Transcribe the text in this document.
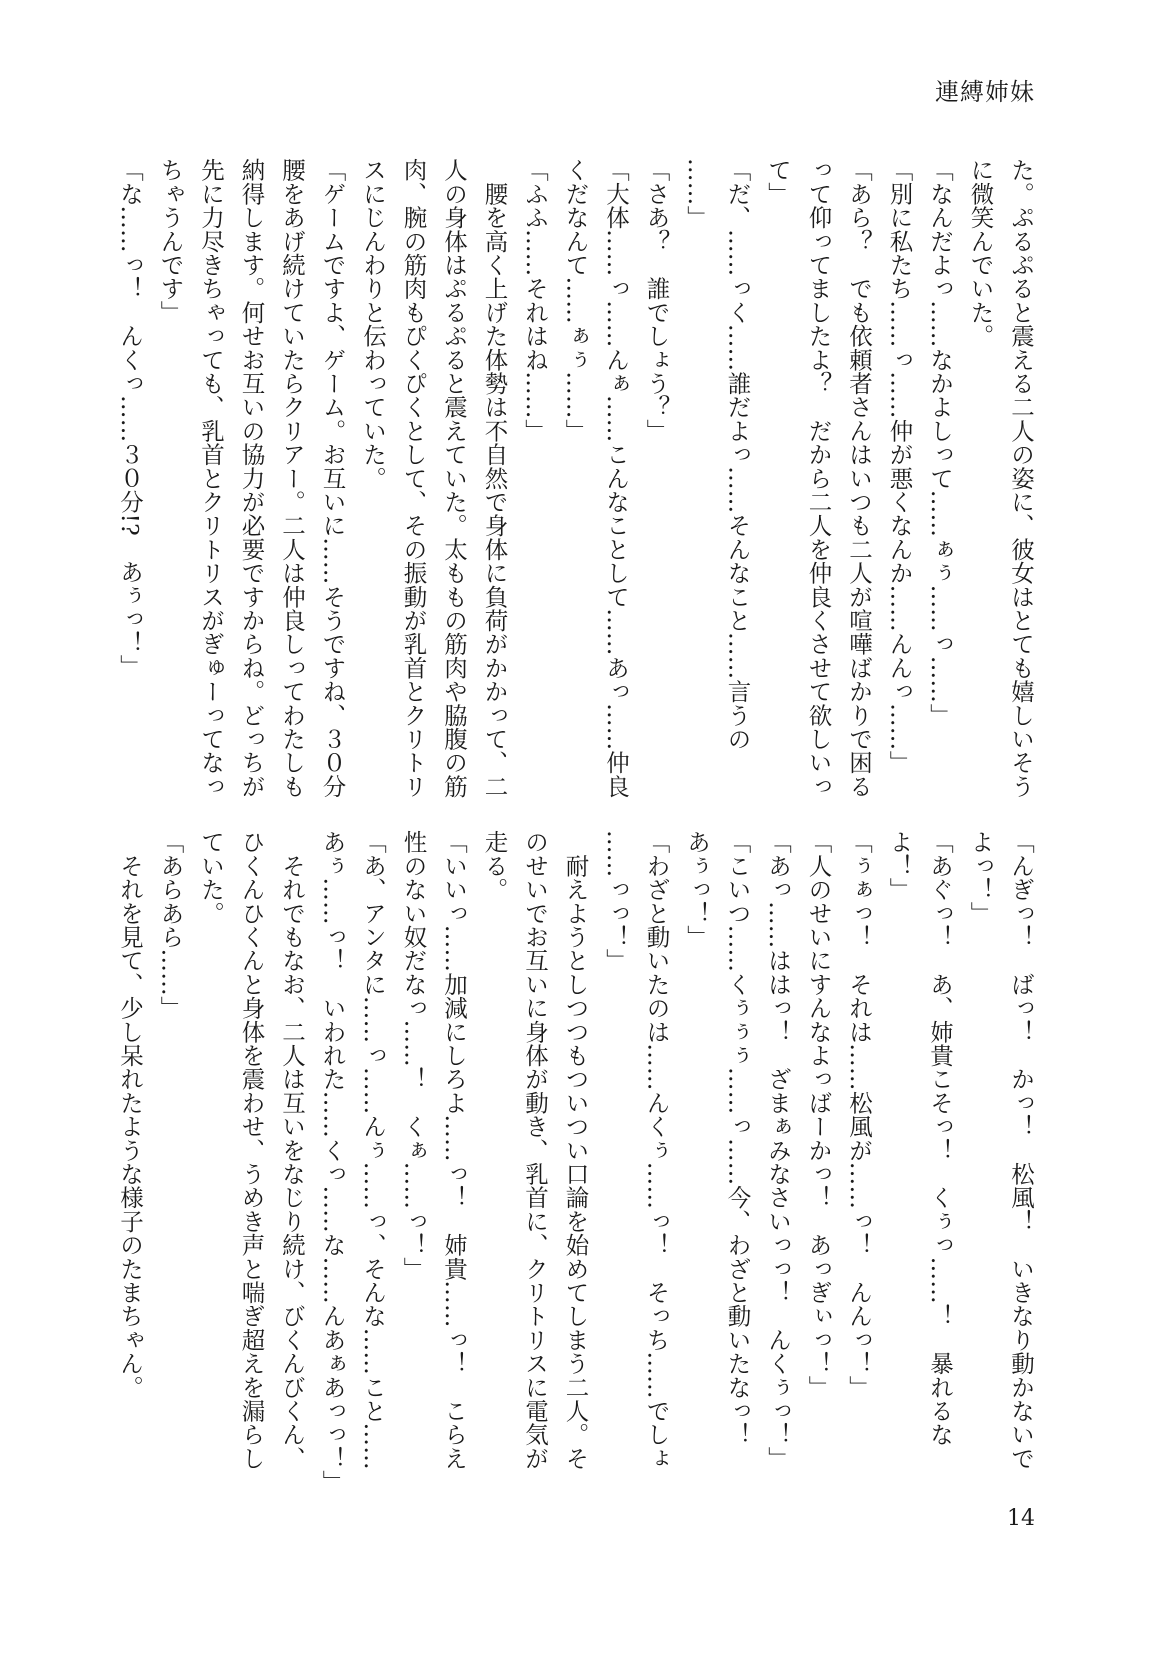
連縛姉妹
た。ぷるぷると震える二人の姿に、彼女はとても嬉しいそう
に微笑んでいた。
「なんだよっ……なかよしって……ぁぅ……っ……」
「別に私たち……っ……仲が悪くなんか……んんっ……」
「あら？　でも依頼者さんはいつも二人が喧嘩ばかりで困る
って仰ってましたよ？　だから二人を仲良くさせて欲しいっ
て」
「だ、……っく……誰だよっ……そんなこと……言うの
……」
「さあ？　誰でしょう？」
「大体……っ……んぁ……こんなことして……あっ……仲良
くだなんて……ぁぅ……」
「ふふ……それはね……」
　腰を高く上げた体勢は不自然で身体に負荷がかかって、二
人の身体はぷるぷると震えていた。太ももの筋肉や脇腹の筋
肉、腕の筋肉もぴくぴくとして、その振動が乳首とクリトリ
スにじんわりと伝わっていた。
「ゲームですよ、ゲーム。お互いに……そうですね、３０分
腰をあげ続けていたらクリアー。二人は仲良しってわたしも
納得します。何せお互いの協力が必要ですからね。どっちが
先に力尽きちゃっても、乳首とクリトリスがぎゅーってなっ
ちゃうんです」
「な……っ！　んくっ……３０分!?　あぅっ！」
「んぎっ！　ばっ！　かっ！　松風！　いきなり動かないで
よっ！」
「あぐっ！　あ、姉貴こそっ！　くぅっ……！　暴れるな
よ！」
「ぅぁっ！　それは……松風が……っ！　んんっ！」
「人のせいにすんなよっばーかっ！　あっぎぃっ！」
「あっ……ははっ！　ざまぁみなさいっっ！　んくぅっ！」
「こいつ……くぅぅぅ……っ……今、わざと動いたなっ！
あぅっ！」
「わざと動いたのは……んくぅ……っ！　そっち……でしょ
……っっ！」
　耐えようとしつつもついつい口論を始めてしまう二人。そ
のせいでお互いに身体が動き、乳首に、クリトリスに電気が
走る。
「いいっ……加減にしろよ……っ！　姉貴……っ！　こらえ
性のない奴だなっ……！　くぁ……っ！」
「あ、アンタに……っ……んぅ……っ、そんな……こと……
あぅ……っ！　いわれた……くっ……な……んあぁあっっ！」
　それでもなお、二人は互いをなじり続け、びくんびくん、
ひくんひくんと身体を震わせ、うめき声と喘ぎ超えを漏らし
ていた。
「あらあら……」
　それを見て、少し呆れたような様子のたまちゃん。
14
